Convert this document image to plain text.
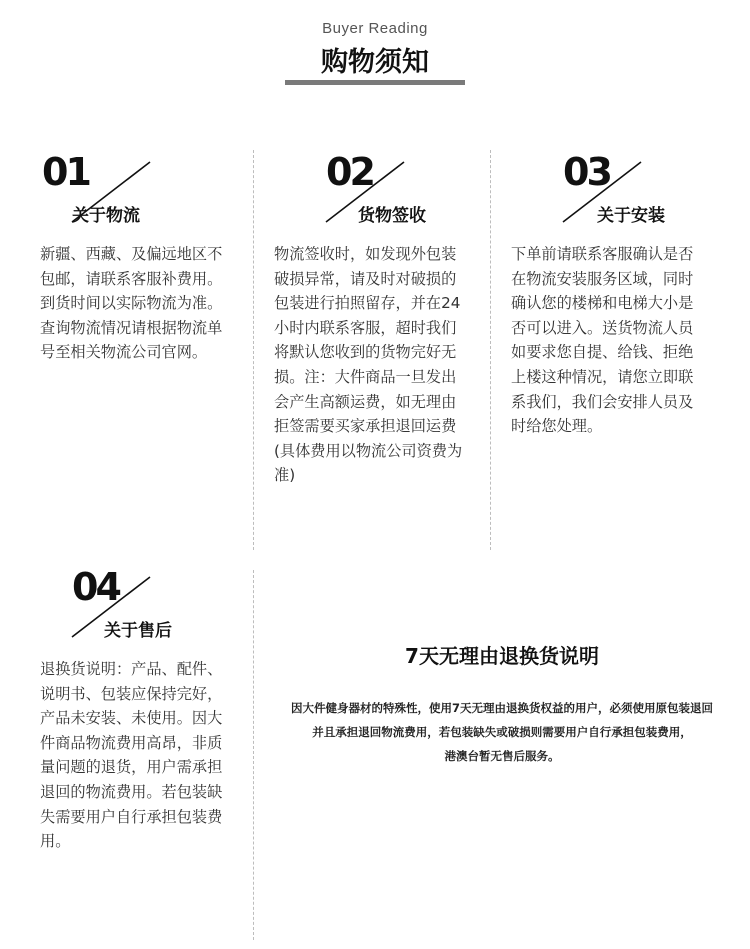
Buyer Reading
购物须知
01
关于物流
新疆、西藏、及偏远地区不
包邮，请联系客服补费用。
到货时间以实际物流为准。
查询物流情况请根据物流单
号至相关物流公司官网。
02
货物签收
物流签收时，如发现外包装
破损异常，请及时对破损的
包装进行拍照留存，并在24
小时内联系客服，超时我们
将默认您收到的货物完好无
损。注：大件商品一旦发出
会产生高额运费，如无理由
拒签需要买家承担退回运费
(具体费用以物流公司资费为
准)
03
关于安装
下单前请联系客服确认是否
在物流安装服务区域，同时
确认您的楼梯和电梯大小是
否可以进入。送货物流人员
如要求您自提、给钱、拒绝
上楼这种情况，请您立即联
系我们，我们会安排人员及
时给您处理。
04
关于售后
退换货说明：产品、配件、
说明书、包装应保持完好，
产品未安装、未使用。因大
件商品物流费用高昂，非质
量问题的退货，用户需承担
退回的物流费用。若包装缺
失需要用户自行承担包装费
用。
7天无理由退换货说明
因大件健身器材的特殊性，使用7天无理由退换货权益的用户，必须使用原包装退回
并且承担退回物流费用，若包装缺失或破损则需要用户自行承担包装费用，
港澳台暂无售后服务。
